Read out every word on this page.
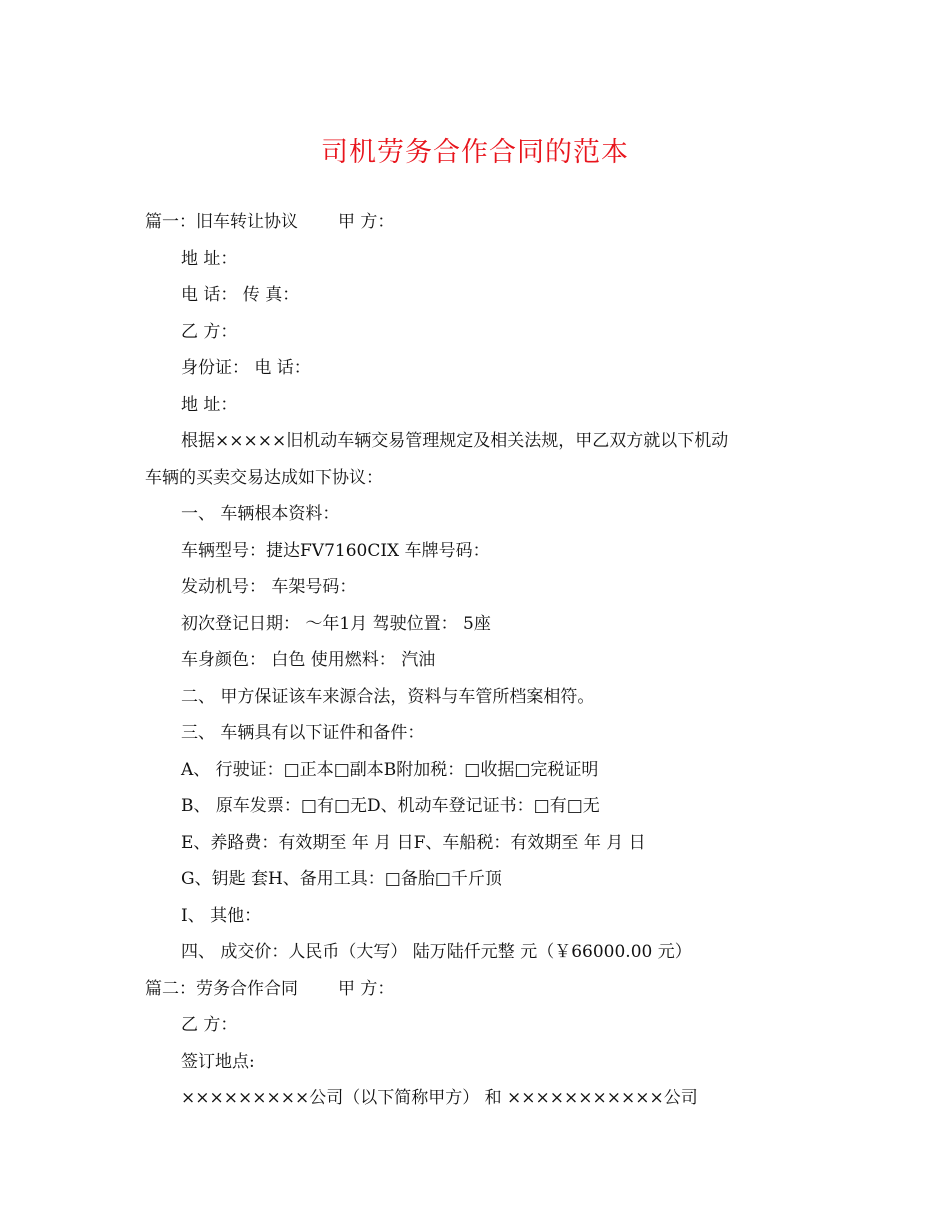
司机劳务合作合同的范本
篇一：旧车转让协议 甲 方：
地 址：
电 话： 传 真：
乙 方：
身份证： 电 话：
地 址：
根据×××××旧机动车辆交易管理规定及相关法规，甲乙双方就以下机动
车辆的买卖交易达成如下协议：
一、 车辆根本资料：
车辆型号：捷达FV7160CIX 车牌号码：
发动机号： 车架号码：
初次登记日期： ～年1月 驾驶位置： 5座
车身颜色： 白色 使用燃料： 汽油
二、 甲方保证该车来源合法，资料与车管所档案相符。
三、 车辆具有以下证件和备件：
A、 行驶证：□正本□副本B附加税：□收据□完税证明
B、 原车发票：□有□无D、机动车登记证书：□有□无
E、养路费：有效期至 年 月 日F、车船税：有效期至 年 月 日
G、钥匙 套H、备用工具：□备胎□千斤顶
I、 其他：
四、 成交价：人民币（大写） 陆万陆仟元整 元（￥66000.00 元）
篇二：劳务合作合同 甲 方：
乙 方：
签订地点:
×××××××××公司（以下简称甲方） 和 ×××××××××××公司
